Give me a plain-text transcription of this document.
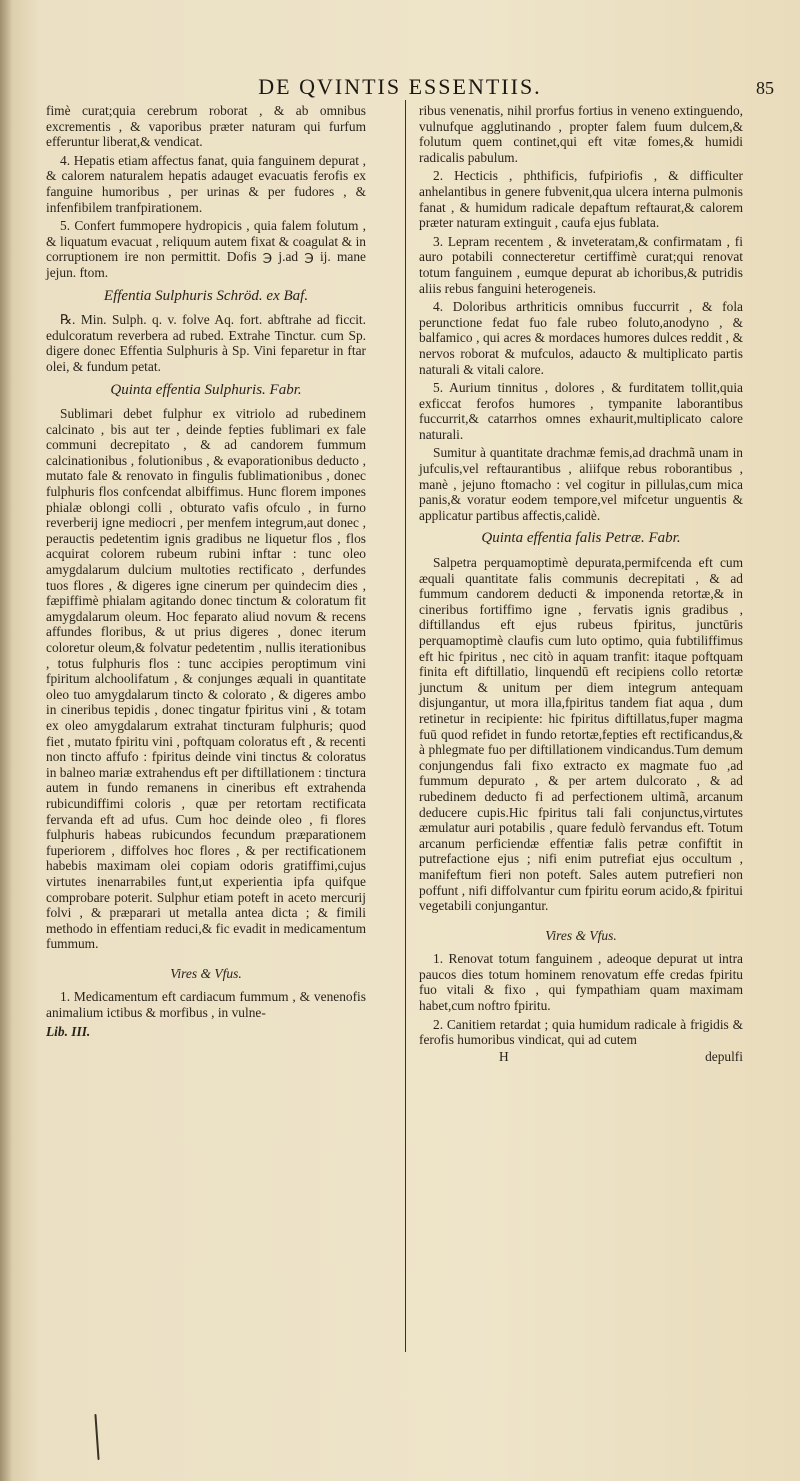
DE QVINTIS ESSENTIIS.	85

fimè curat;quia cerebrum roborat , & ab omnibus excrementis , & vaporibus præter naturam qui furfum efferuntur liberat,& vendicat.

4. Hepatis etiam affectus fanat, quia fanguinem depurat , & calorem naturalem hepatis adauget evacuatis ferofis ex fanguine humoribus , per urinas & per fudores , & infenfibilem tranfpirationem.

5. Confert fummopere hydropicis , quia falem folutum , & liquatum evacuat , reliquum autem fixat & coagulat & in corruptionem ire non permittit. Dofis ℈ j.ad ℈ ij. mane jejun. ftom.

Effentia Sulphuris Schröd. ex Baf.

℞. Min. Sulph. q. v. folve Aq. fort. abftrahe ad ficcit. edulcoratum reverbera ad rubed. Extrahe Tinctur. cum Sp. digere donec Effentia Sulphuris à Sp. Vini feparetur in ftar olei, & fundum petat.

Quinta effentia Sulphuris. Fabr.

Sublimari debet fulphur ex vitriolo ad rubedinem calcinato , bis aut ter , deinde fepties fublimari ex fale communi decrepitato , & ad candorem fummum calcinationibus , folutionibus , & evaporationibus deducto , mutato fale & renovato in fingulis fublimationibus , donec fulphuris flos confcendat albiffimus. Hunc florem impones phialæ oblongi colli , obturato vafis ofculo , in furno reverberij igne mediocri , per menfem integrum,aut donec , perauctis pedetentim ignis gradibus ne liquetur flos , flos acquirat colorem rubeum rubini inftar : tunc oleo amygdalarum dulcium multoties rectificato , derfundes tuos flores , & digeres igne cinerum per quindecim dies , fæpiffimè phialam agitando donec tinctum & coloratum fit amygdalarum oleum. Hoc feparato aliud novum & recens affundes floribus, & ut prius digeres , donec iterum coloretur oleum,& folvatur pedetentim , nullis iterationibus , totus fulphuris flos : tunc accipies peroptimum vini fpiritum alchoolifatum , & conjunges æquali in quantitate oleo tuo amygdalarum tincto & colorato , & digeres ambo in cineribus tepidis , donec tingatur fpiritus vini , & totam ex oleo amygdalarum extrahat tincturam fulphuris; quod fiet , mutato fpiritu vini , poftquam coloratus eft , & recenti non tincto affufo : fpiritus deinde vini tinctus & coloratus in balneo mariæ extrahendus eft per diftillationem : tinctura autem in fundo remanens in cineribus eft extrahenda rubicundiffimi coloris , quæ per retortam rectificata fervanda eft ad ufus. Cum hoc deinde oleo , fi flores fulphuris habeas rubicundos fecundum præparationem fuperiorem , diffolves hoc flores , & per rectificationem habebis maximam olei copiam odoris gratiffimi,cujus virtutes inenarrabiles funt,ut experientia ipfa quifque comprobare poterit. Sulphur etiam poteft in aceto mercurij folvi , & præparari ut metalla antea dicta ; & fimili methodo in effentiam reduci,& fic evadit in medicamentum fummum.

Vires & Vfus.

1. Medicamentum eft cardiacum fummum , & venenofis animalium ictibus & morfibus , in vulne-

Lib. III.

ribus venenatis, nihil prorfus fortius in veneno extinguendo, vulnufque agglutinando , propter falem fuum dulcem,& folutum quem continet,qui eft vitæ fomes,& humidi radicalis pabulum.

2. Hecticis , phthificis, fufpiriofis , & difficulter anhelantibus in genere fubvenit,qua ulcera interna pulmonis fanat , & humidum radicale depaftum reftaurat,& calorem præter naturam extinguit , caufa ejus fublata.

3. Lepram recentem , & inveteratam,& confirmatam , fi auro potabili connecteretur certiffimè curat;qui renovat totum fanguinem , eumque depurat ab ichoribus,& putridis aliis rebus fanguini heterogeneis.

4. Doloribus arthriticis omnibus fuccurrit , & fola perunctione fedat fuo fale rubeo foluto,anodyno , & balfamico , qui acres & mordaces humores dulces reddit , & nervos roborat & mufculos, adaucto & multiplicato partis naturali & vitali calore.

5. Aurium tinnitus , dolores , & furditatem tollit,quia exficcat ferofos humores , tympanite laborantibus fuccurrit,& catarrhos omnes exhaurit,multiplicato calore naturali.

Sumitur à quantitate drachmæ femis,ad drachmã unam in jufculis,vel reftaurantibus , aliifque rebus roborantibus , manè , jejuno ftomacho : vel cogitur in pillulas,cum mica panis,& voratur eodem tempore,vel mifcetur unguentis & applicatur partibus affectis,calidè.

Quinta effentia falis Petræ. Fabr.

Salpetra perquamoptimè depurata,permifcenda eft cum æquali quantitate falis communis decrepitati , & ad fummum candorem deducti & imponenda retortæ,& in cineribus fortiffimo igne , fervatis ignis gradibus , diftillandus eft ejus rubeus fpiritus, junctūris perquamoptimè claufis cum luto optimo, quia fubtiliffimus eft hic fpiritus , nec citò in aquam tranfit: itaque poftquam finita eft diftillatio, linquendū eft recipiens collo retortæ junctum & unitum per diem integrum antequam disjungantur, ut mora illa,fpiritus tandem fiat aqua , dum retinetur in recipiente: hic fpiritus diftillatus,fuper magma fuū quod refidet in fundo retortæ,fepties eft rectificandus,& à phlegmate fuo per diftillationem vindicandus.Tum demum conjungendus fali fixo extracto ex magmate fuo ,ad fummum depurato , & per artem dulcorato , & ad rubedinem deducto fi ad perfectionem ultimã, arcanum deducere cupis.Hic fpiritus tali fali conjunctus,virtutes æmulatur auri potabilis , quare fedulò fervandus eft. Totum arcanum perficiendæ effentiæ falis petræ confiftit in putrefactione ejus ; nifi enim putrefiat ejus occultum , manifeftum fieri non poteft. Sales autem putrefieri non poffunt , nifi diffolvantur cum fpiritu eorum acido,& fpiritui vegetabili conjungantur.

Vires & Vfus.

1. Renovat totum fanguinem , adeoque depurat ut intra paucos dies totum hominem renovatum effe credas fpiritu fuo vitali & fixo , qui fympathiam quam maximam habet,cum noftro fpiritu.

2. Canitiem retardat ; quia humidum radicale à frigidis & ferofis humoribus vindicat, qui ad cutem

H	depulfi
